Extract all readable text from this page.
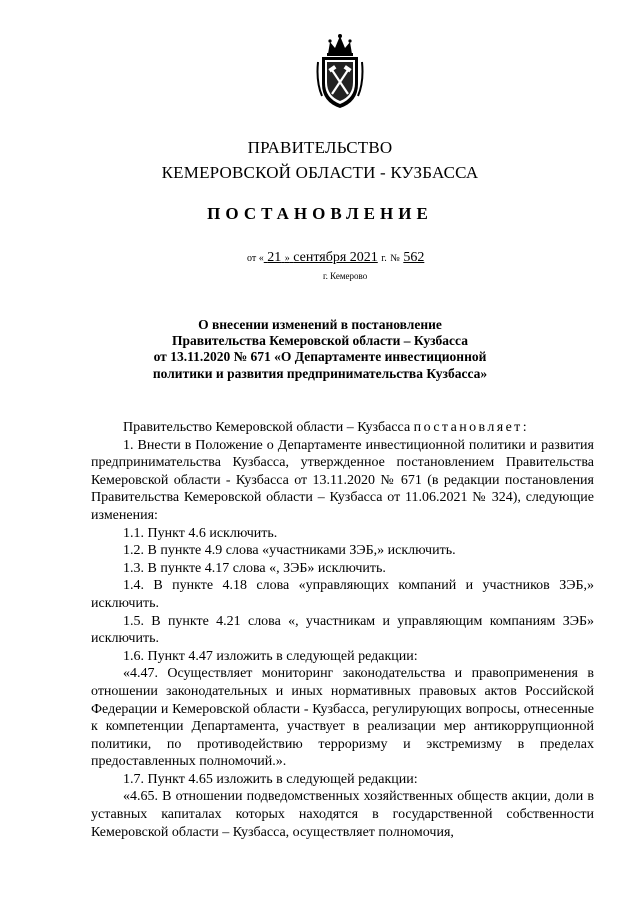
ПРАВИТЕЛЬСТВО
КЕМЕРОВСКОЙ ОБЛАСТИ - КУЗБАССА
ПОСТАНОВЛЕНИЕ
от « 21 » сентября 2021 г. № 562
г. Кемерово
О внесении изменений в постановление
Правительства Кемеровской области – Кузбасса
от 13.11.2020 № 671 «О Департаменте инвестиционной
политики и развития предпринимательства Кузбасса»

Правительство Кемеровской области – Кузбасса постановляет:

1. Внести в Положение о Департаменте инвестиционной политики и развития предпринимательства Кузбасса, утвержденное постановлением Правительства Кемеровской области - Кузбасса от 13.11.2020 № 671 (в редакции постановления Правительства Кемеровской области – Кузбасса от 11.06.2021 № 324), следующие изменения:

1.1. Пункт 4.6 исключить.

1.2. В пункте 4.9 слова «участниками ЗЭБ,» исключить.

1.3. В пункте 4.17 слова «, ЗЭБ» исключить.

1.4. В пункте 4.18 слова «управляющих компаний и участников ЗЭБ,» исключить.

1.5. В пункте 4.21 слова «, участникам и управляющим компаниям ЗЭБ» исключить.

1.6. Пункт 4.47 изложить в следующей редакции:

«4.47. Осуществляет мониторинг законодательства и правоприменения в отношении законодательных и иных нормативных правовых актов Российской Федерации и Кемеровской области - Кузбасса, регулирующих вопросы, отнесенные к компетенции Департамента, участвует в реализации мер антикоррупционной политики, по противодействию терроризму и экстремизму в пределах предоставленных полномочий.».

1.7. Пункт 4.65 изложить в следующей редакции:

«4.65. В отношении подведомственных хозяйственных обществ акции, доли в уставных капиталах которых находятся в государственной собственности Кемеровской области – Кузбасса, осуществляет полномочия,
